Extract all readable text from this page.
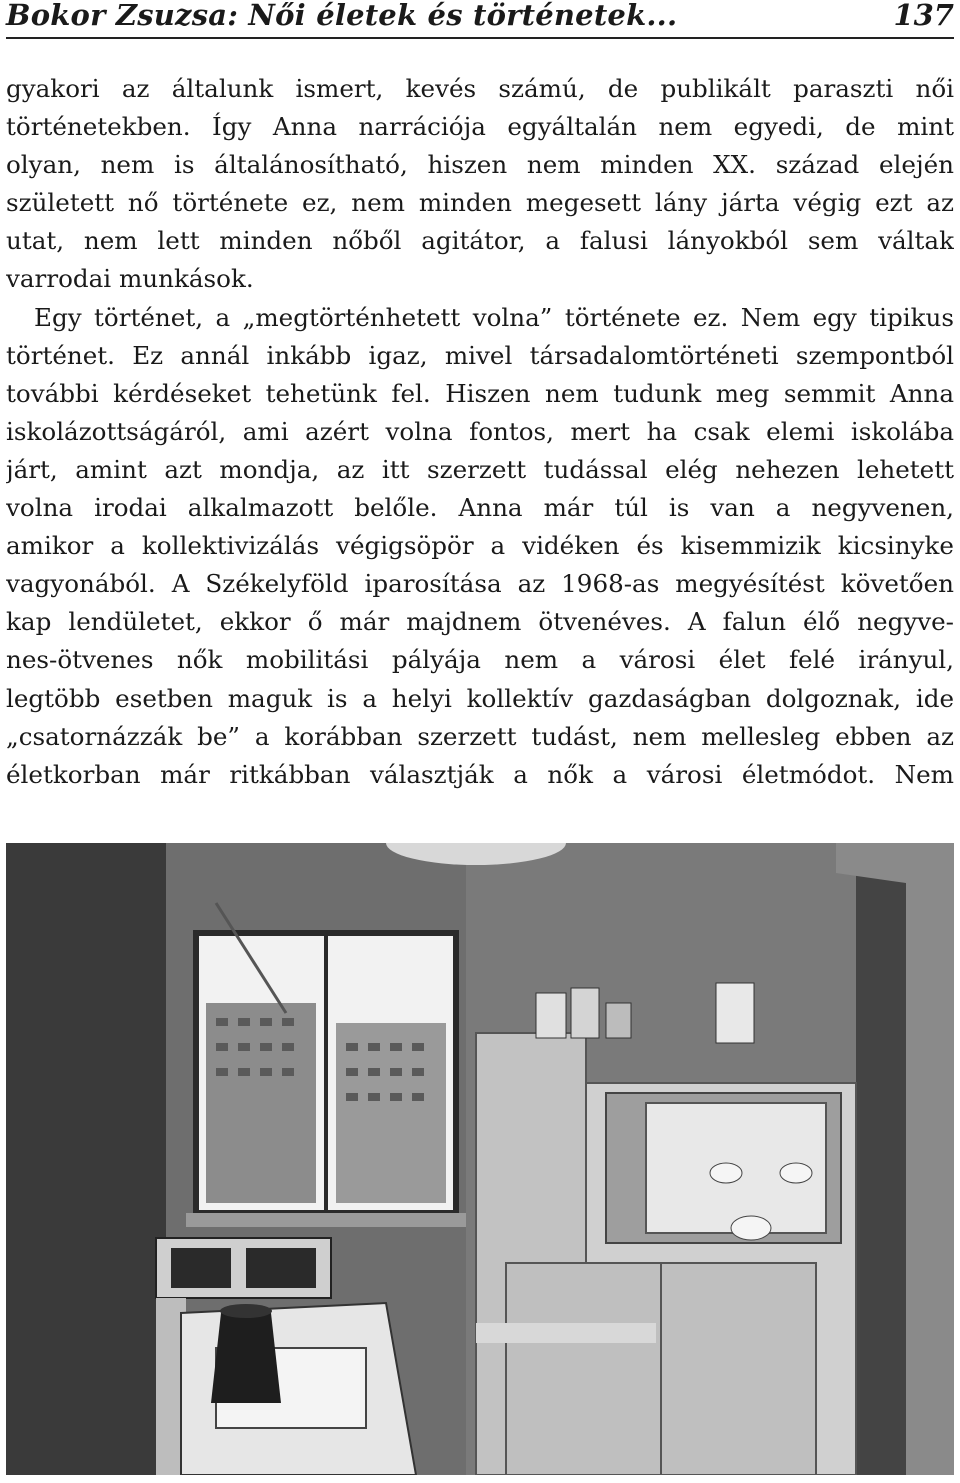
Bokor Zsuzsa: Női életek és történetek...	137
gyakori az általunk ismert, kevés számú, de publikált paraszti női
történetekben. Így Anna narrációja egyáltalán nem egyedi, de mint
olyan, nem is általánosítható, hiszen nem minden XX. század elején
született nő története ez, nem minden megesett lány járta végig ezt az
utat, nem lett minden nőből agitátor, a falusi lányokból sem váltak
varrodai munkások.
Egy történet, a „megtörténhetett volna” története ez. Nem egy tipikus
történet. Ez annál inkább igaz, mivel társadalomtörténeti szempontból
további kérdéseket tehetünk fel. Hiszen nem tudunk meg semmit Anna
iskolázottságáról, ami azért volna fontos, mert ha csak elemi iskolába
járt, amint azt mondja, az itt szerzett tudással elég nehezen lehetett
volna irodai alkalmazott belőle. Anna már túl is van a negyvenen,
amikor a kollektivizálás végigsöpör a vidéken és kisemmizik kicsinyke
vagyonából. A Székelyföld iparosítása az 1968-as megyésítést követően
kap lendületet, ekkor ő már majdnem ötvenéves. A falun élő negyve-
nes-ötvenes nők mobilitási pályája nem a városi élet felé irányul,
legtöbb esetben maguk is a helyi kollektív gazdaságban dolgoznak, ide
„csatornázzák be” a korábban szerzett tudást, nem mellesleg ebben az
életkorban már ritkábban választják a nők a városi életmódot. Nem
